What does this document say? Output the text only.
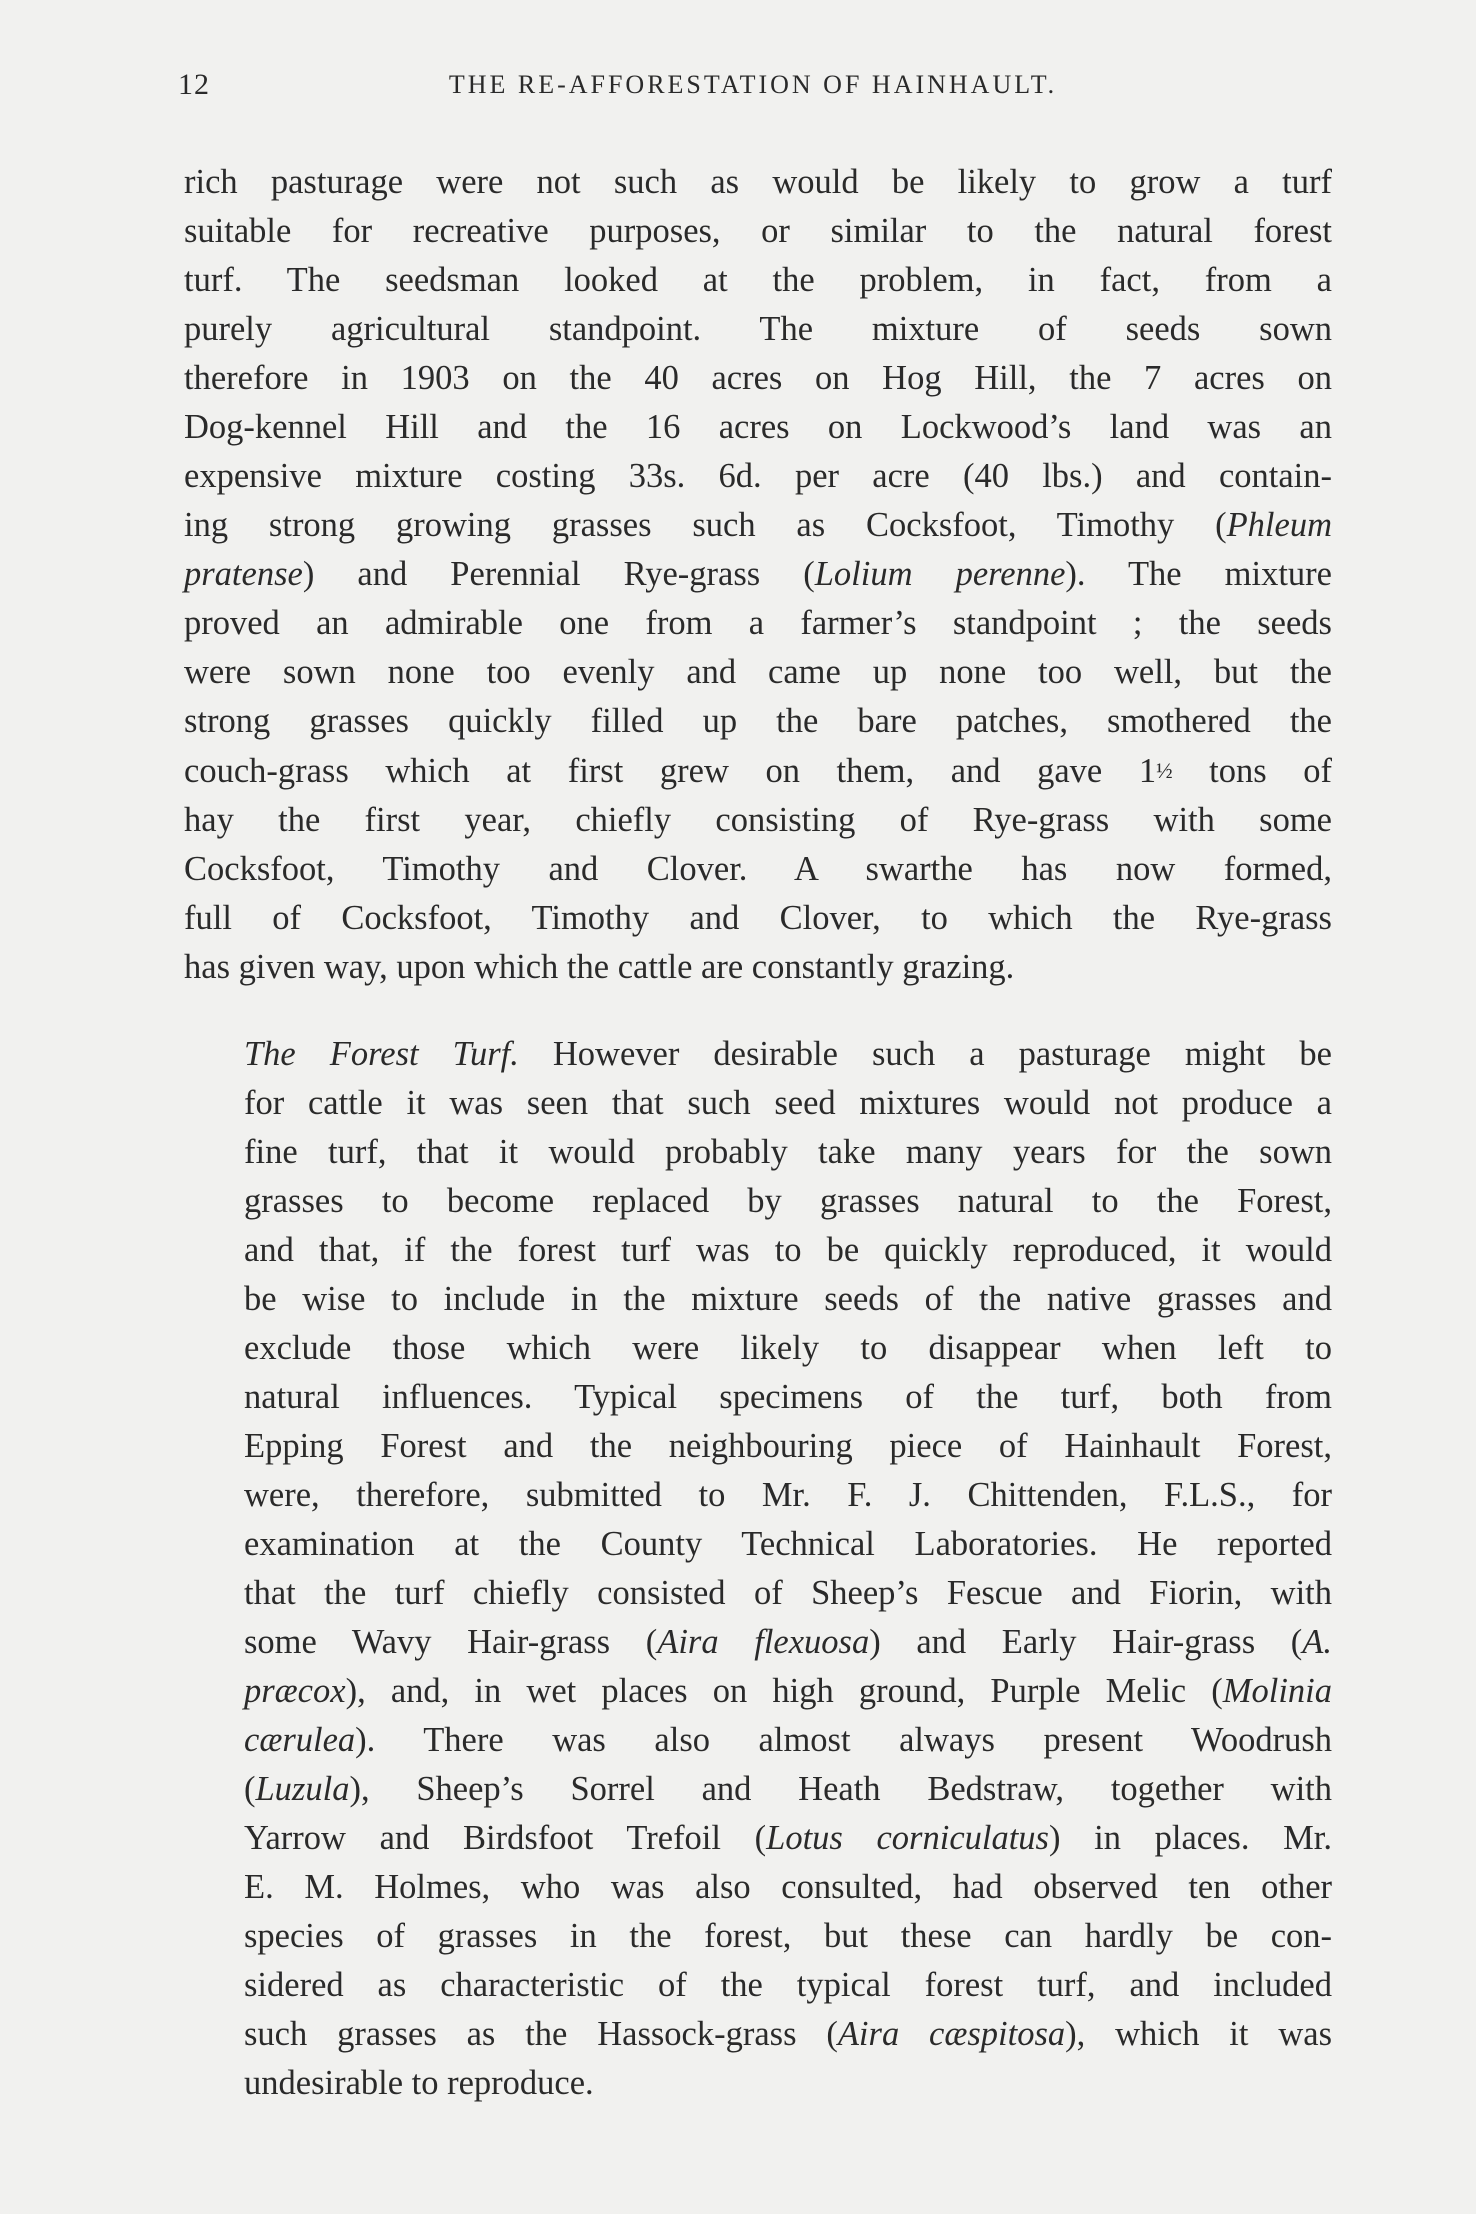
12	THE RE-AFFORESTATION OF HAINHAULT.

rich pasturage were not such as would be likely to grow a turf
suitable for recreative purposes, or similar to the natural forest
turf. The seedsman looked at the problem, in fact, from a
purely agricultural standpoint. The mixture of seeds sown
therefore in 1903 on the 40 acres on Hog Hill, the 7 acres on
Dog-kennel Hill and the 16 acres on Lockwood’s land was an
expensive mixture costing 33s. 6d. per acre (40 lbs.) and contain-
ing strong growing grasses such as Cocksfoot, Timothy (Phleum
pratense) and Perennial Rye-grass (Lolium perenne). The mixture
proved an admirable one from a farmer’s standpoint ; the seeds
were sown none too evenly and came up none too well, but the
strong grasses quickly filled up the bare patches, smothered the
couch-grass which at first grew on them, and gave 1½ tons of
hay the first year, chiefly consisting of Rye-grass with some
Cocksfoot, Timothy and Clover. A swarthe has now formed,
full of Cocksfoot, Timothy and Clover, to which the Rye-grass
has given way, upon which the cattle are constantly grazing.

The Forest Turf. However desirable such a pasturage might be
for cattle it was seen that such seed mixtures would not produce a
fine turf, that it would probably take many years for the sown
grasses to become replaced by grasses natural to the Forest,
and that, if the forest turf was to be quickly reproduced, it would
be wise to include in the mixture seeds of the native grasses and
exclude those which were likely to disappear when left to
natural influences. Typical specimens of the turf, both from
Epping Forest and the neighbouring piece of Hainhault Forest,
were, therefore, submitted to Mr. F. J. Chittenden, F.L.S., for
examination at the County Technical Laboratories. He reported
that the turf chiefly consisted of Sheep’s Fescue and Fiorin, with
some Wavy Hair-grass (Aira flexuosa) and Early Hair-grass (A.
præcox), and, in wet places on high ground, Purple Melic (Molinia
cærulea). There was also almost always present Woodrush
(Luzula), Sheep’s Sorrel and Heath Bedstraw, together with
Yarrow and Birdsfoot Trefoil (Lotus corniculatus) in places. Mr.
E. M. Holmes, who was also consulted, had observed ten other
species of grasses in the forest, but these can hardly be con-
sidered as characteristic of the typical forest turf, and included
such grasses as the Hassock-grass (Aira cæspitosa), which it was
undesirable to reproduce.
